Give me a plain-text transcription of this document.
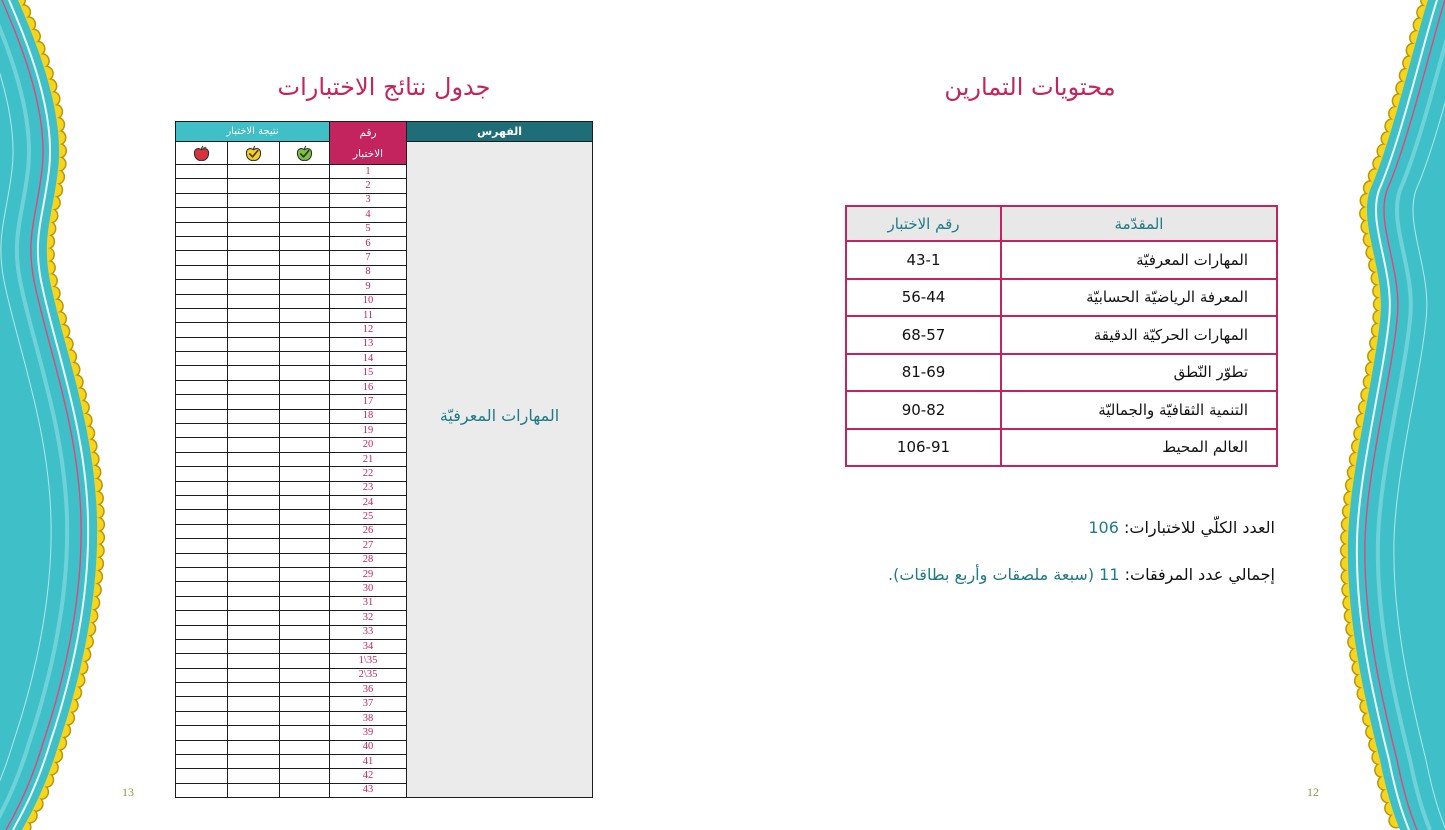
جدول نتائج الاختبارات
الفهرس
رقم
الاختبار
نتيجة الاختبار
المهارات المعرفيّة
1
2
3
4
5
6
7
8
9
10
11
12
13
14
15
16
17
18
19
20
21
22
23
24
25
26
27
28
29
30
31
32
33
34
1\35
2\35
36
37
38
39
40
41
42
43
13
محتويات التمارين
المقدّمة
رقم الاختبار
المهارات المعرفيّة
43-1
المعرفة الرياضيّة الحسابيّة
56-44
المهارات الحركيّة الدقيقة
68-57
تطوّر النّطق
81-69
التنمية الثقافيّة والجماليّة
90-82
العالم المحيط
106-91
العدد الكلّي للاختبارات: 106
إجمالي عدد المرفقات: 11 (سبعة ملصقات وأربع بطاقات).
12
